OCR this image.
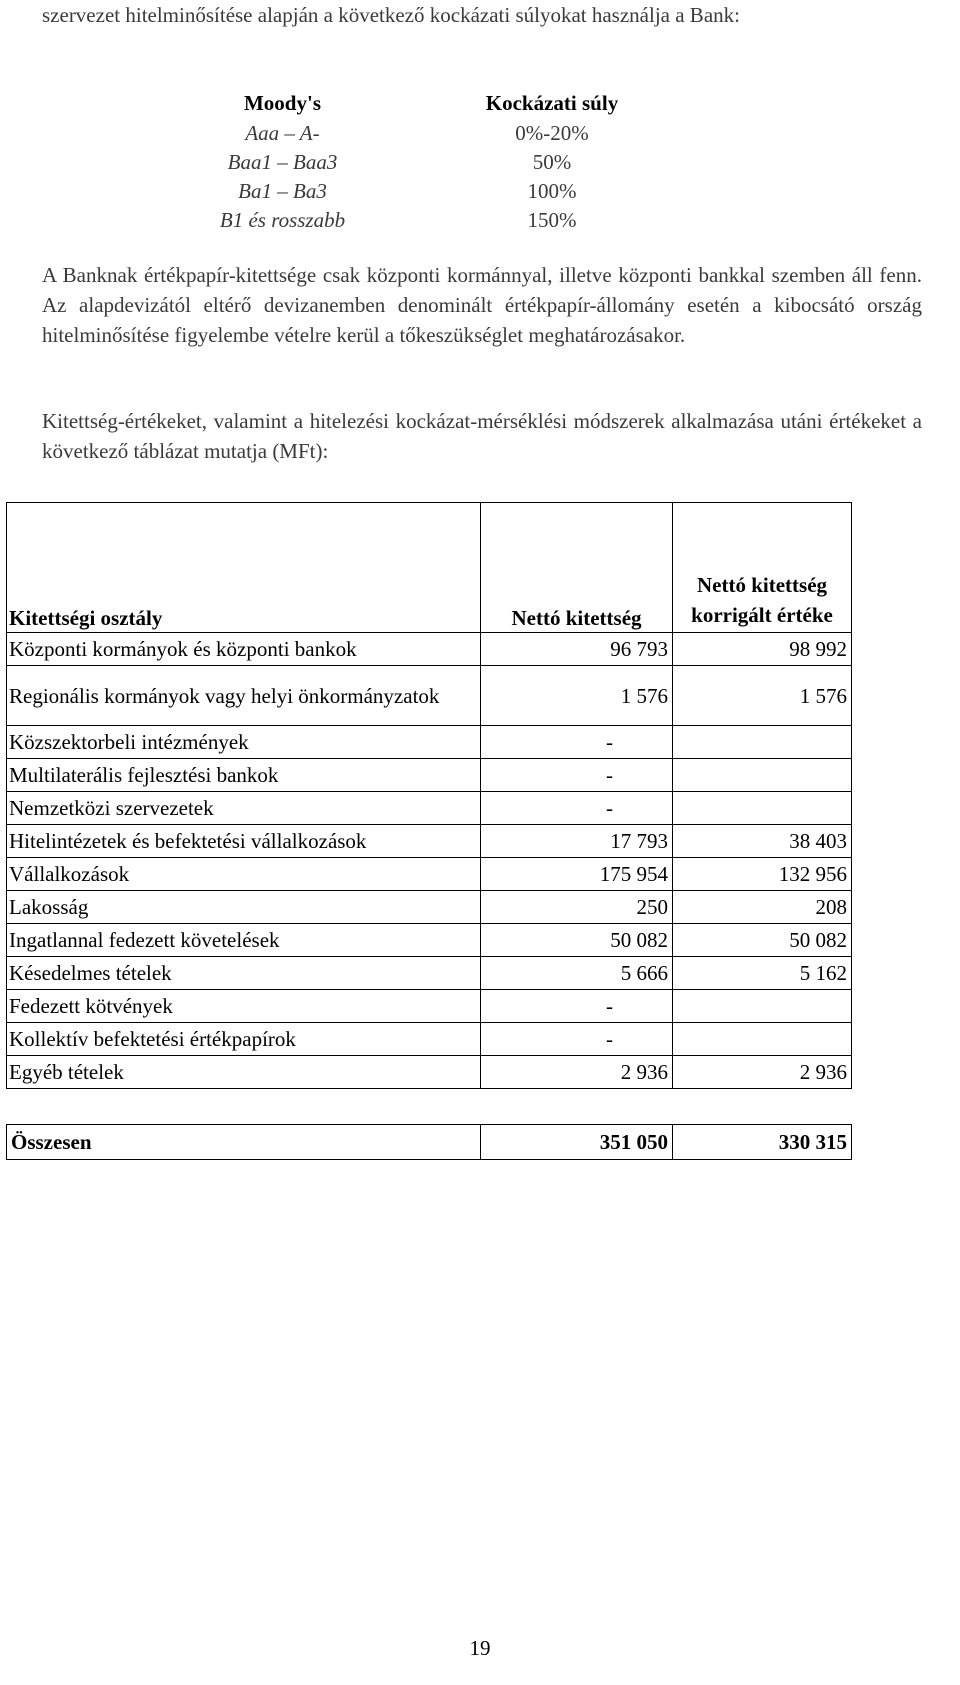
szervezet hitelminősítése alapján a következő kockázati súlyokat használja a Bank:

Moody's	Kockázati súly
Aaa – A-	0%-20%
Baa1 – Baa3	50%
Ba1 – Ba3	100%
B1 és rosszabb	150%

A Banknak értékpapír-kitettsége csak központi kormánnyal, illetve központi bankkal szemben áll fenn. Az alapdevizától eltérő devizanemben denominált értékpapír-állomány esetén a kibocsátó ország hitelminősítése figyelembe vételre kerül a tőkeszükséglet meghatározásakor.

Kitettség-értékeket, valamint a hitelezési kockázat-mérséklési módszerek alkalmazása utáni értékeket a következő táblázat mutatja (MFt):

Kitettségi osztály	Nettó kitettség	Nettó kitettség korrigált értéke
Központi kormányok és központi bankok	96 793	98 992
Regionális kormányok vagy helyi önkormányzatok	1 576	1 576
Közszektorbeli intézmények	-	
Multilaterális fejlesztési bankok	-	
Nemzetközi szervezetek	-	
Hitelintézetek és befektetési vállalkozások	17 793	38 403
Vállalkozások	175 954	132 956
Lakosság	250	208
Ingatlannal fedezett követelések	50 082	50 082
Késedelmes tételek	5 666	5 162
Fedezett kötvények	-	
Kollektív befektetési értékpapírok	-	
Egyéb tételek	2 936	2 936
Összesen	351 050	330 315
19
